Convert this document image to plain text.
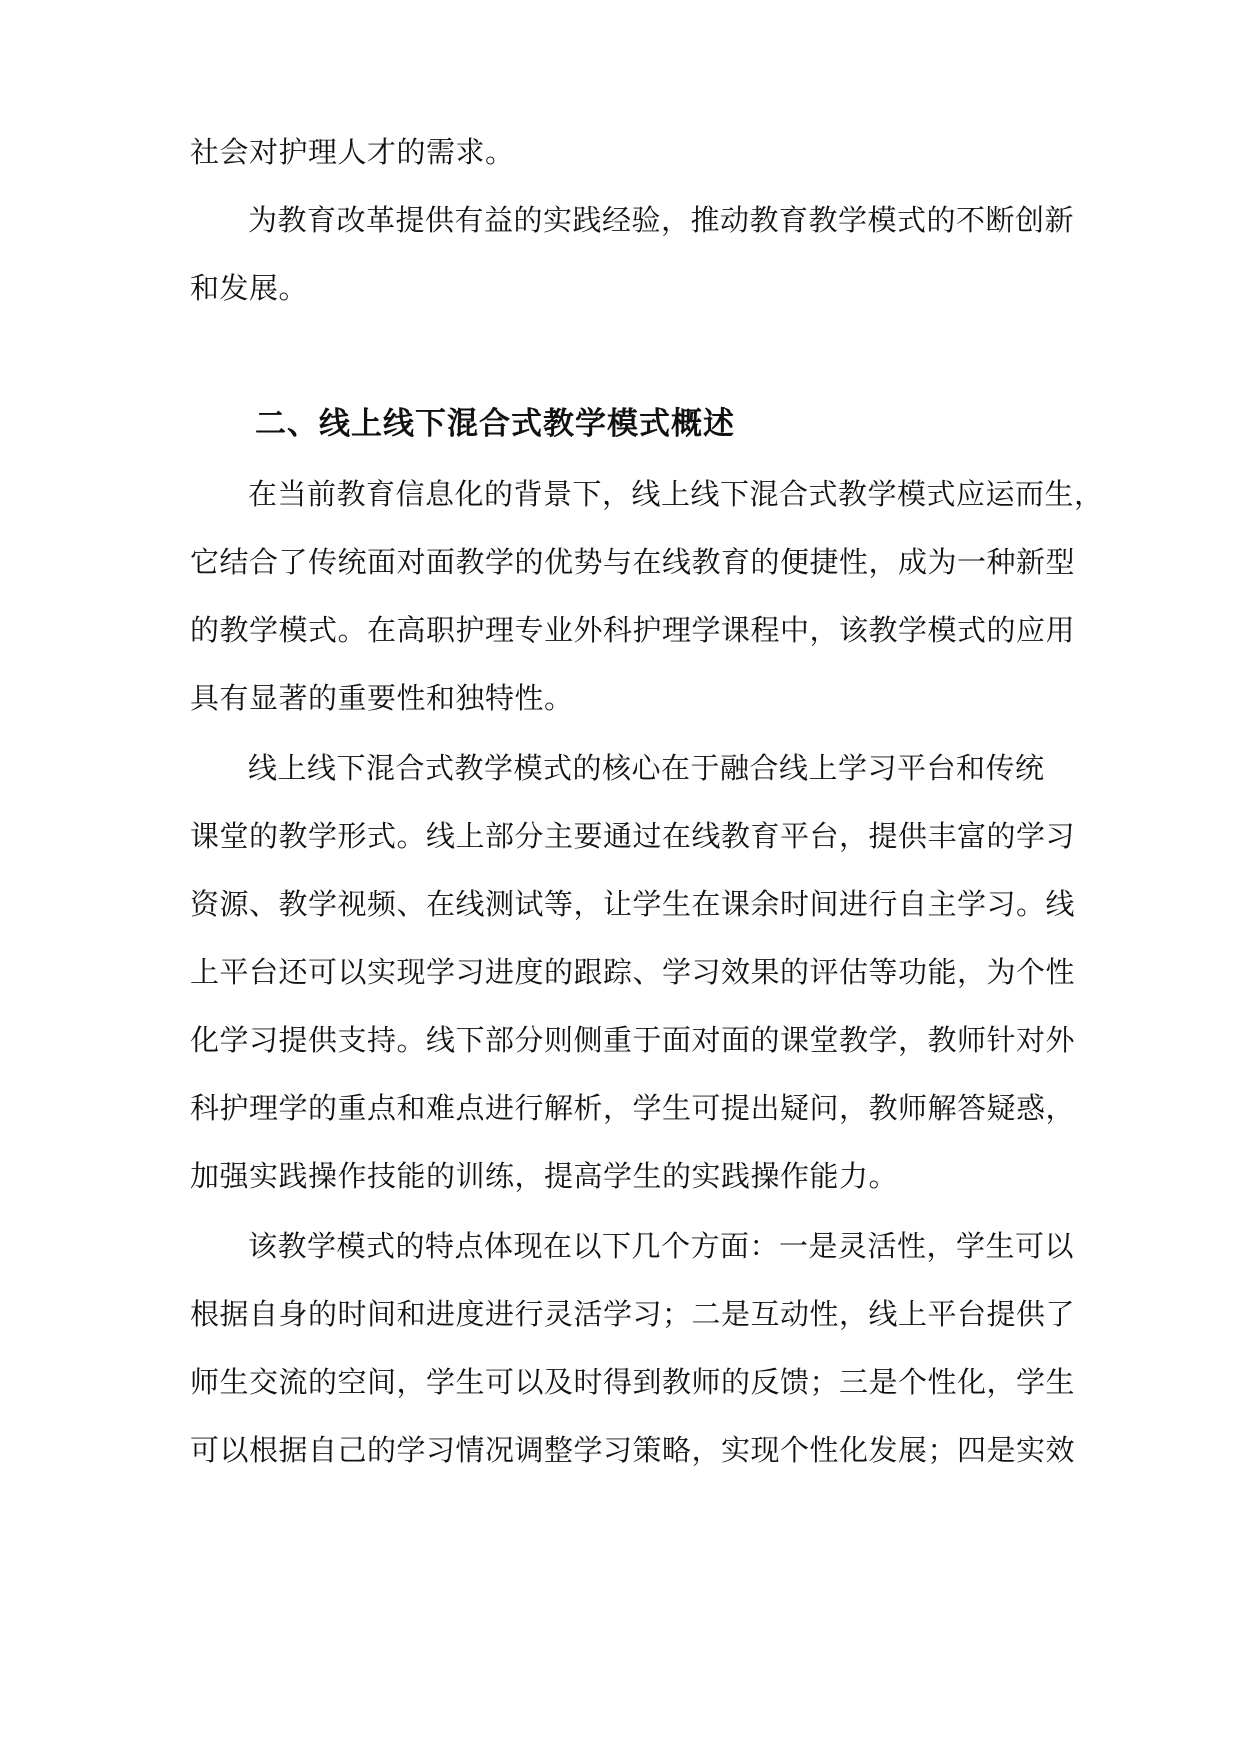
社会对护理人才的需求。

为教育改革提供有益的实践经验，推动教育教学模式的不断创新

和发展。

二、线上线下混合式教学模式概述

在当前教育信息化的背景下，线上线下混合式教学模式应运而生，

它结合了传统面对面教学的优势与在线教育的便捷性，成为一种新型

的教学模式。在高职护理专业外科护理学课程中，该教学模式的应用

具有显著的重要性和独特性。

线上线下混合式教学模式的核心在于融合线上学习平台和传统

课堂的教学形式。线上部分主要通过在线教育平台，提供丰富的学习

资源、教学视频、在线测试等，让学生在课余时间进行自主学习。线

上平台还可以实现学习进度的跟踪、学习效果的评估等功能，为个性

化学习提供支持。线下部分则侧重于面对面的课堂教学，教师针对外

科护理学的重点和难点进行解析，学生可提出疑问，教师解答疑惑，

加强实践操作技能的训练，提高学生的实践操作能力。

该教学模式的特点体现在以下几个方面：一是灵活性，学生可以

根据自身的时间和进度进行灵活学习；二是互动性，线上平台提供了

师生交流的空间，学生可以及时得到教师的反馈；三是个性化，学生

可以根据自己的学习情况调整学习策略，实现个性化发展；四是实效
